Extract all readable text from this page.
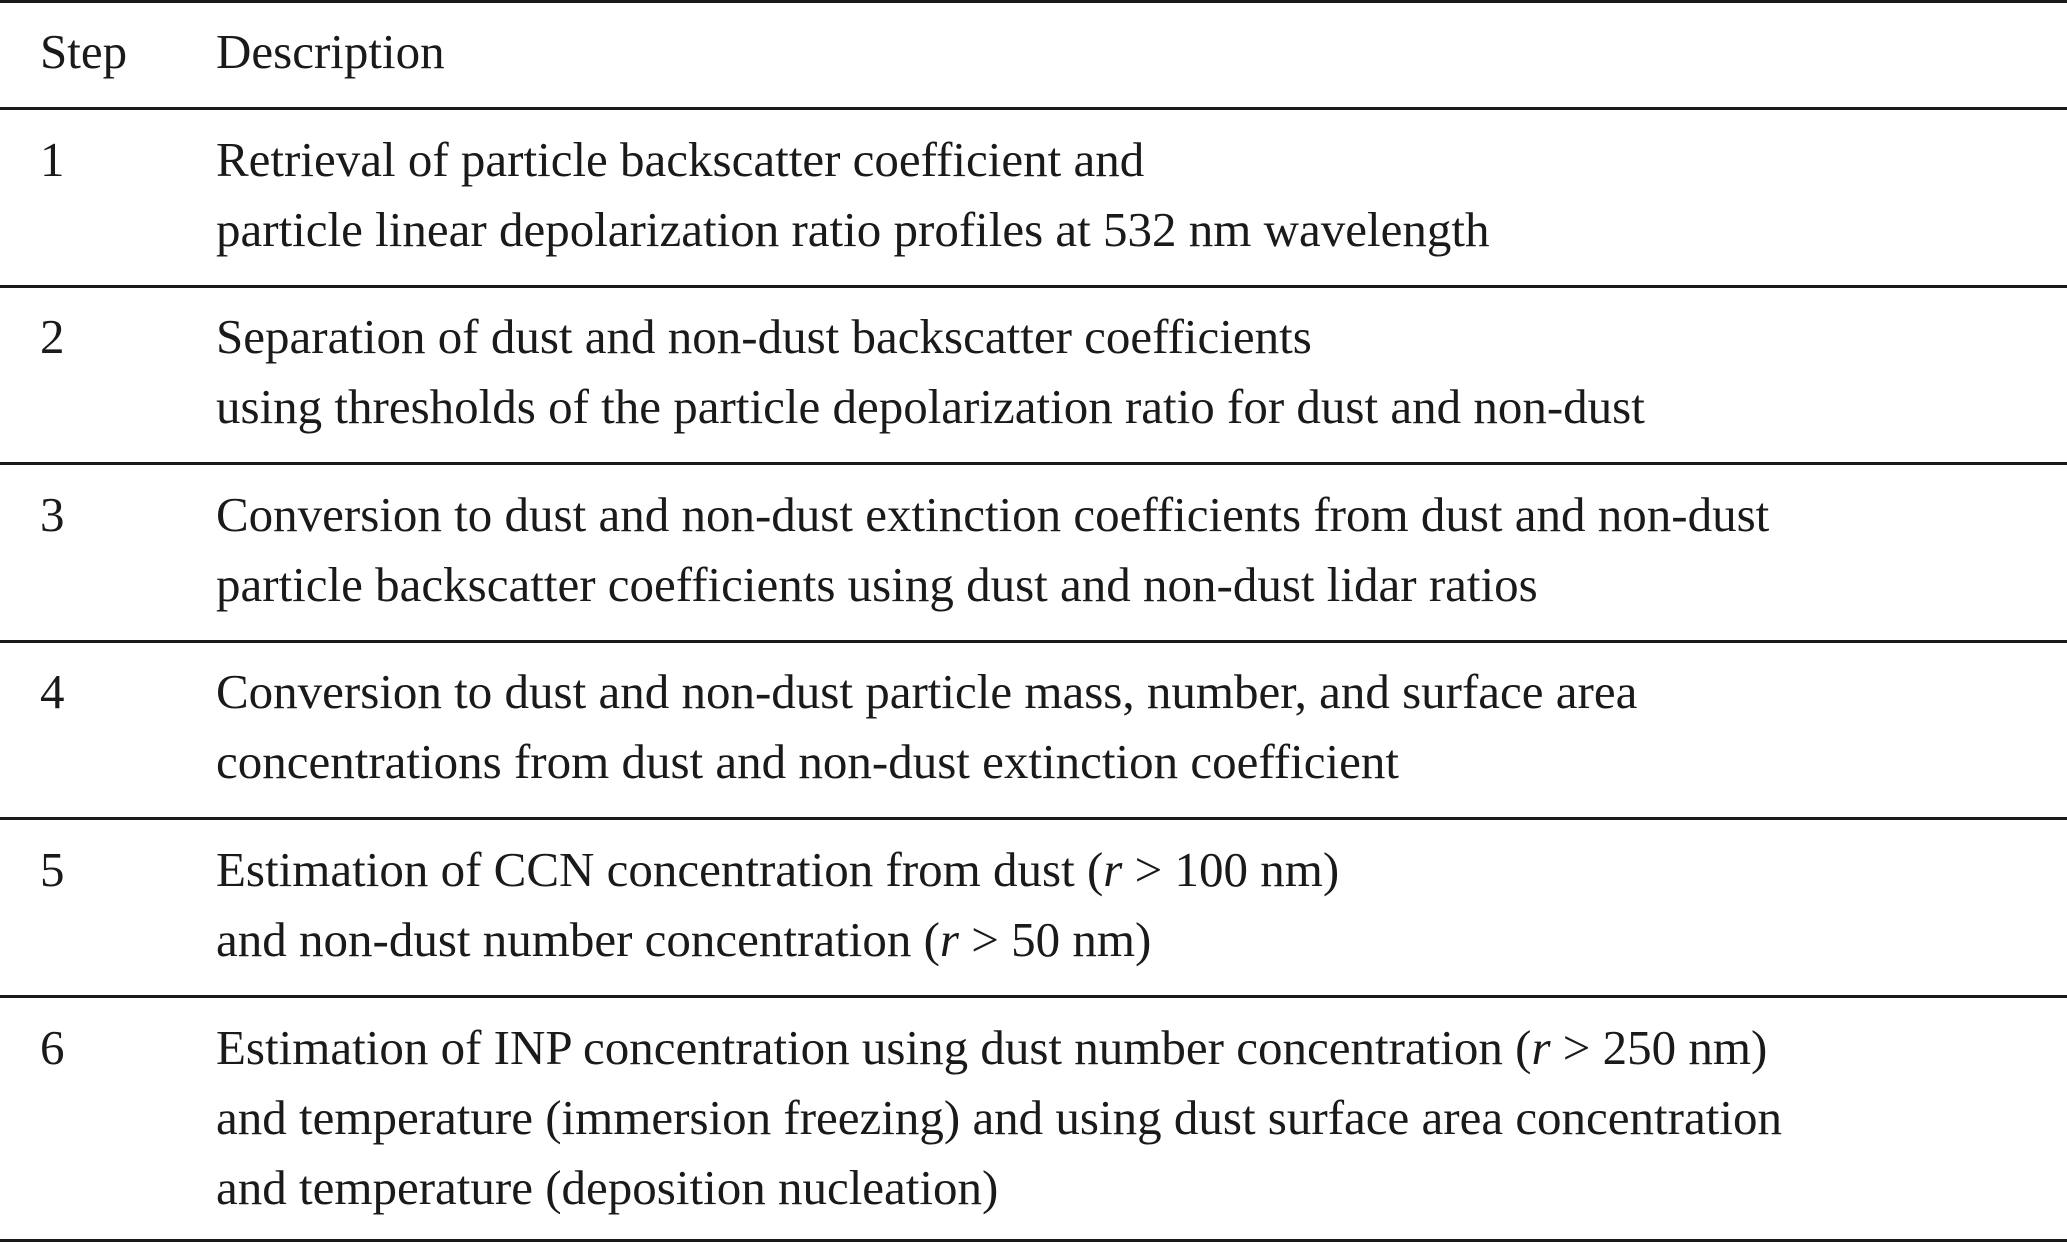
Step Description
1	Retrieval of particle backscatter coefficient and
particle linear depolarization ratio profiles at 532 nm wavelength
2	Separation of dust and non-dust backscatter coefficients
using thresholds of the particle depolarization ratio for dust and non-dust
3	Conversion to dust and non-dust extinction coefficients from dust and non-dust
particle backscatter coefficients using dust and non-dust lidar ratios
4	Conversion to dust and non-dust particle mass, number, and surface area
concentrations from dust and non-dust extinction coefficient
5	Estimation of CCN concentration from dust (r > 100 nm)
and non-dust number concentration (r > 50 nm)
6	Estimation of INP concentration using dust number concentration (r > 250 nm)
and temperature (immersion freezing) and using dust surface area concentration
and temperature (deposition nucleation)
